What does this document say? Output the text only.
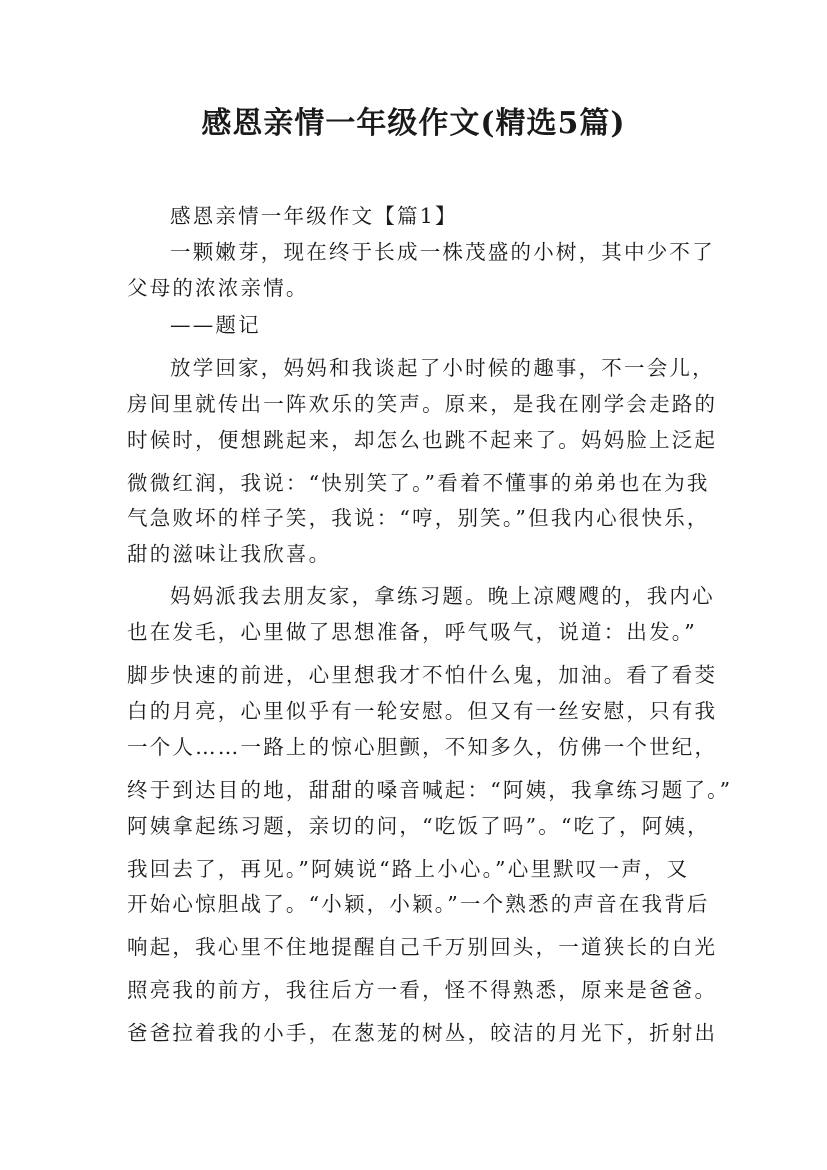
感恩亲情一年级作文(精选5篇)
感恩亲情一年级作文【篇1】
一颗嫩芽，现在终于长成一株茂盛的小树，其中少不了
父母的浓浓亲情。
——题记
放学回家，妈妈和我谈起了小时候的趣事，不一会儿，
房间里就传出一阵欢乐的笑声。原来，是我在刚学会走路的
时候时，便想跳起来，却怎么也跳不起来了。妈妈脸上泛起
微微红润，我说：“快别笑了。”看着不懂事的弟弟也在为我
气急败坏的样子笑，我说：“哼，别笑。”但我内心很快乐，
甜的滋味让我欣喜。
妈妈派我去朋友家，拿练习题。晚上凉飕飕的，我内心
也在发毛，心里做了思想准备，呼气吸气，说道：出发。”
脚步快速的前进，心里想我才不怕什么鬼，加油。看了看茭
白的月亮，心里似乎有一轮安慰。但又有一丝安慰，只有我
一个人……一路上的惊心胆颤，不知多久，仿佛一个世纪，
终于到达目的地，甜甜的嗓音喊起：“阿姨，我拿练习题了。”
阿姨拿起练习题，亲切的问，“吃饭了吗”。“吃了，阿姨，
我回去了，再见。”阿姨说“路上小心。”心里默叹一声，又
开始心惊胆战了。“小颖，小颖。”一个熟悉的声音在我背后
响起，我心里不住地提醒自己千万别回头，一道狭长的白光
照亮我的前方，我往后方一看，怪不得熟悉，原来是爸爸。
爸爸拉着我的小手，在葱茏的树丛，皎洁的月光下，折射出
